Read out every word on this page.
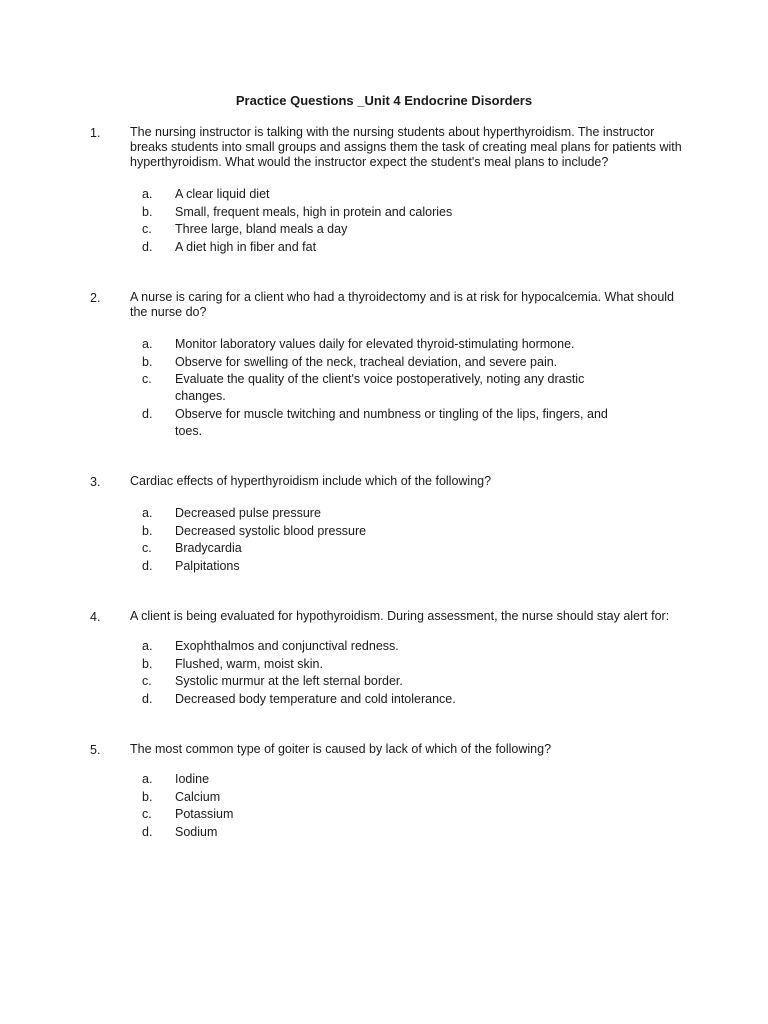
Practice Questions _Unit 4 Endocrine Disorders
1. The nursing instructor is talking with the nursing students about hyperthyroidism. The instructor breaks students into small groups and assigns them the task of creating meal plans for patients with hyperthyroidism. What would the instructor expect the student's meal plans to include?
a. A clear liquid diet
b. Small, frequent meals, high in protein and calories
c. Three large, bland meals a day
d. A diet high in fiber and fat
2. A nurse is caring for a client who had a thyroidectomy and is at risk for hypocalcemia. What should the nurse do?
a. Monitor laboratory values daily for elevated thyroid-stimulating hormone.
b. Observe for swelling of the neck, tracheal deviation, and severe pain.
c. Evaluate the quality of the client's voice postoperatively, noting any drastic changes.
d. Observe for muscle twitching and numbness or tingling of the lips, fingers, and toes.
3. Cardiac effects of hyperthyroidism include which of the following?
a. Decreased pulse pressure
b. Decreased systolic blood pressure
c. Bradycardia
d. Palpitations
4. A client is being evaluated for hypothyroidism. During assessment, the nurse should stay alert for:
a. Exophthalmos and conjunctival redness.
b. Flushed, warm, moist skin.
c. Systolic murmur at the left sternal border.
d. Decreased body temperature and cold intolerance.
5. The most common type of goiter is caused by lack of which of the following?
a. Iodine
b. Calcium
c. Potassium
d. Sodium
